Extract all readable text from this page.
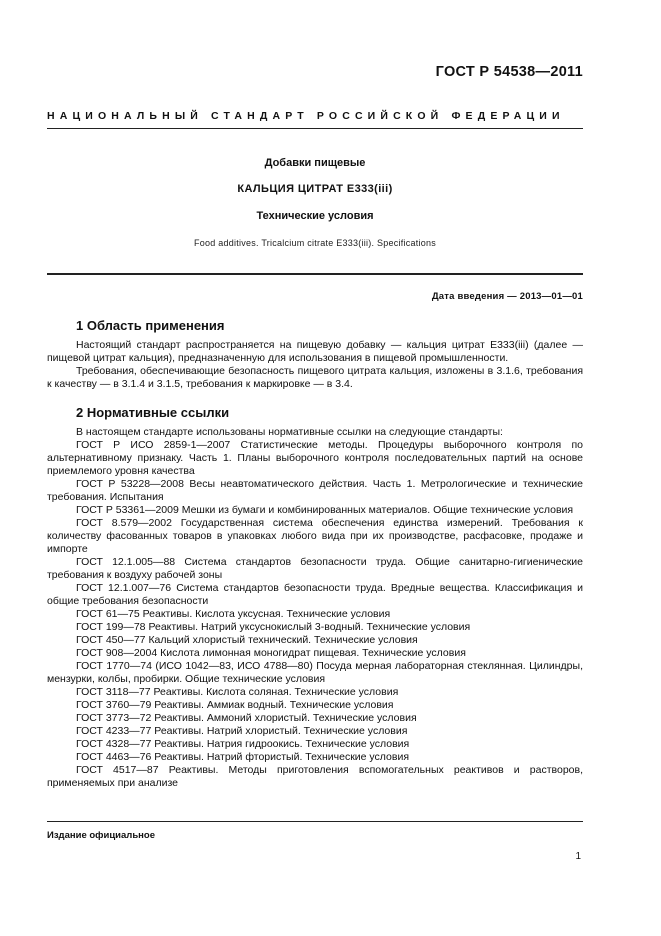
ГОСТ Р 54538—2011
НАЦИОНАЛЬНЫЙ СТАНДАРТ РОССИЙСКОЙ ФЕДЕРАЦИИ
Добавки пищевые
КАЛЬЦИЯ ЦИТРАТ Е333(iii)
Технические условия
Food additives. Tricalcium citrate E333(iii). Specifications
Дата введения — 2013—01—01
1 Область применения

Настоящий стандарт распространяется на пищевую добавку — кальция цитрат Е333(iii) (далее — пищевой цитрат кальция), предназначенную для использования в пищевой промышленности.

Требования, обеспечивающие безопасность пищевого цитрата кальция, изложены в 3.1.6, требования к качеству — в 3.1.4 и 3.1.5, требования к маркировке — в 3.4.

2 Нормативные ссылки

В настоящем стандарте использованы нормативные ссылки на следующие стандарты:

ГОСТ Р ИСО 2859-1—2007 Статистические методы. Процедуры выборочного контроля по альтернативному признаку. Часть 1. Планы выборочного контроля последовательных партий на основе приемлемого уровня качества

ГОСТ Р 53228—2008 Весы неавтоматического действия. Часть 1. Метрологические и технические требования. Испытания

ГОСТ Р 53361—2009 Мешки из бумаги и комбинированных материалов. Общие технические условия

ГОСТ 8.579—2002 Государственная система обеспечения единства измерений. Требования к количеству фасованных товаров в упаковках любого вида при их производстве, расфасовке, продаже и импорте

ГОСТ 12.1.005—88 Система стандартов безопасности труда. Общие санитарно-гигиенические требования к воздуху рабочей зоны

ГОСТ 12.1.007—76 Система стандартов безопасности труда. Вредные вещества. Классификация и общие требования безопасности

ГОСТ 61—75 Реактивы. Кислота уксусная. Технические условия

ГОСТ 199—78 Реактивы. Натрий уксуснокислый 3-водный. Технические условия

ГОСТ 450—77 Кальций хлористый технический. Технические условия

ГОСТ 908—2004 Кислота лимонная моногидрат пищевая. Технические условия

ГОСТ 1770—74 (ИСО 1042—83, ИСО 4788—80) Посуда мерная лабораторная стеклянная. Цилиндры, мензурки, колбы, пробирки. Общие технические условия

ГОСТ 3118—77 Реактивы. Кислота соляная. Технические условия

ГОСТ 3760—79 Реактивы. Аммиак водный. Технические условия

ГОСТ 3773—72 Реактивы. Аммоний хлористый. Технические условия

ГОСТ 4233—77 Реактивы. Натрий хлористый. Технические условия

ГОСТ 4328—77 Реактивы. Натрия гидроокись. Технические условия

ГОСТ 4463—76 Реактивы. Натрий фтористый. Технические условия

ГОСТ 4517—87 Реактивы. Методы приготовления вспомогательных реактивов и растворов, применяемых при анализе

Издание официальное
1
